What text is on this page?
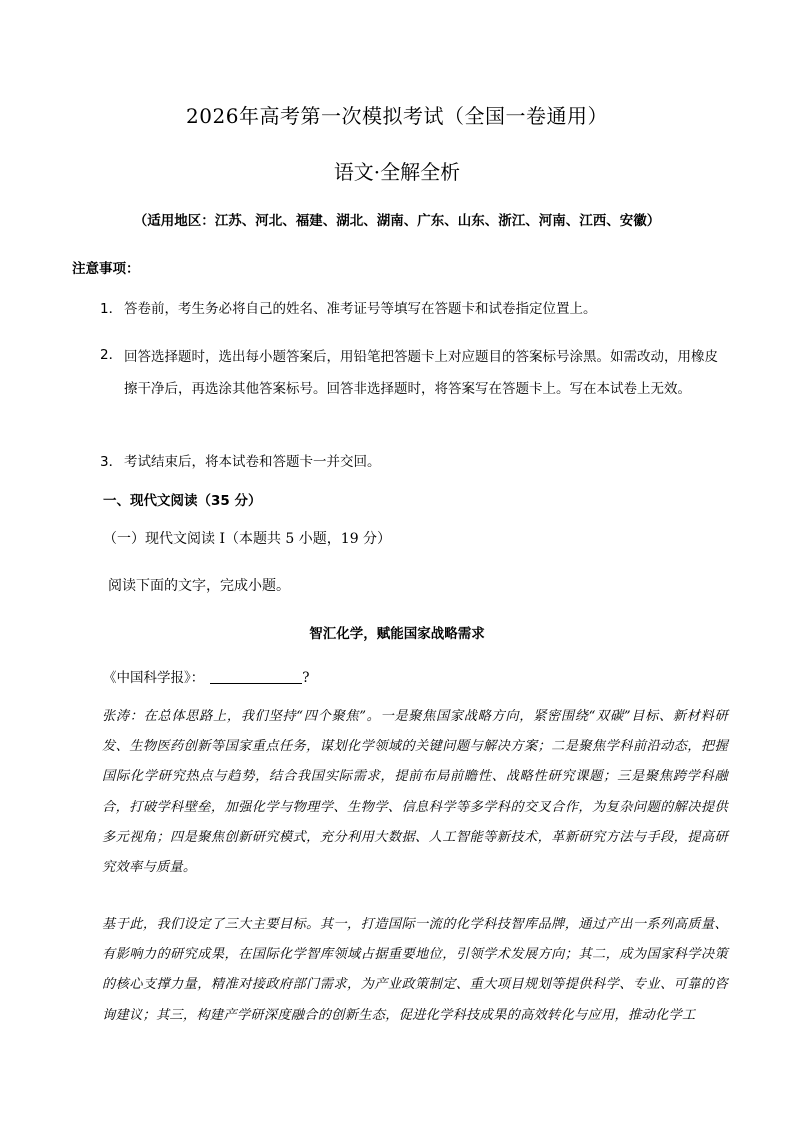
2026年高考第一次模拟考试（全国一卷通用）
语文·全解全析
（适用地区：江苏、河北、福建、湖北、湖南、广东、山东、浙江、河南、江西、安徽）
注意事项：
1． 答卷前，考生务必将自己的姓名、准考证号等填写在答题卡和试卷指定位置上。
2． 回答选择题时，选出每小题答案后，用铅笔把答题卡上对应题目的答案标号涂黑。如需改动，用橡皮擦干净后，再选涂其他答案标号。回答非选择题时，将答案写在答题卡上。写在本试卷上无效。
3． 考试结束后，将本试卷和答题卡一并交回。
一、现代文阅读（35 分）
（一）现代文阅读 I（本题共 5 小题，19 分）
阅读下面的文字，完成小题。
智汇化学，赋能国家战略需求
《中国科学报》：	?
张涛：在总体思路上，我们坚持“四个聚焦”。一是聚焦国家战略方向，紧密围绕“双碳”目标、新材料研发、生物医药创新等国家重点任务，谋划化学领域的关键问题与解决方案；二是聚焦学科前沿动态，把握国际化学研究热点与趋势，结合我国实际需求，提前布局前瞻性、战略性研究课题；三是聚焦跨学科融合，打破学科壁垒，加强化学与物理学、生物学、信息科学等多学科的交叉合作，为复杂问题的解决提供多元视角；四是聚焦创新研究模式，充分利用大数据、人工智能等新技术，革新研究方法与手段，提高研究效率与质量。
基于此，我们设定了三大主要目标。其一，打造国际一流的化学科技智库品牌，通过产出一系列高质量、有影响力的研究成果，在国际化学智库领域占据重要地位，引领学术发展方向；其二，成为国家科学决策的核心支撑力量，精准对接政府部门需求，为产业政策制定、重大项目规划等提供科学、专业、可靠的咨询建议；其三，构建产学研深度融合的创新生态，促进化学科技成果的高效转化与应用，推动化学工
